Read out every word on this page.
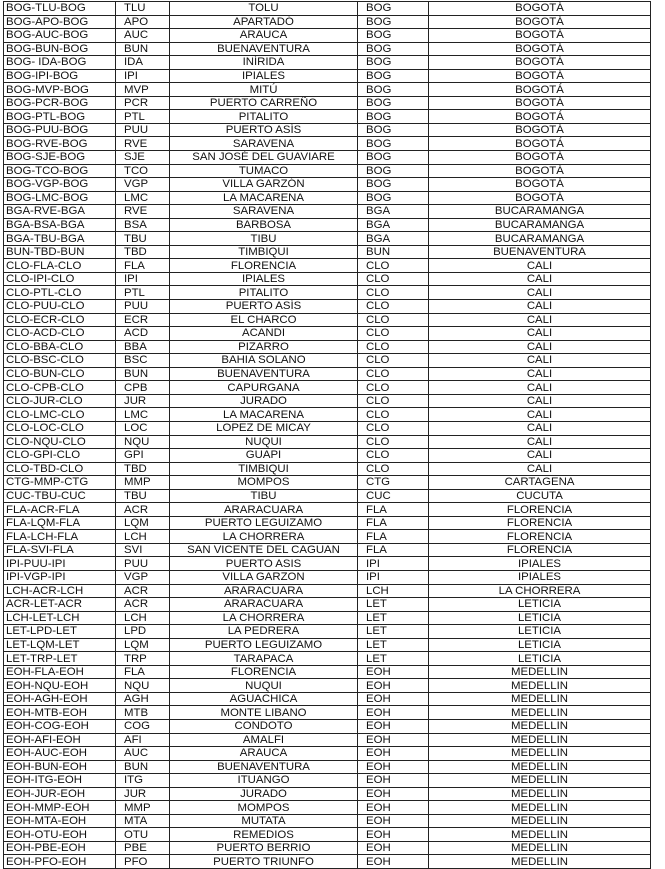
BOG-TLU-BOG	TLU	TOLU	BOG	BOGOTÁ
BOG-APO-BOG	APO	APARTADÓ	BOG	BOGOTÁ
BOG-AUC-BOG	AUC	ARAUCA	BOG	BOGOTÁ
BOG-BUN-BOG	BUN	BUENAVENTURA	BOG	BOGOTÁ
BOG- IDA-BOG	IDA	INÍRIDA	BOG	BOGOTÁ
BOG-IPI-BOG	IPI	IPIALES	BOG	BOGOTÁ
BOG-MVP-BOG	MVP	MITÚ	BOG	BOGOTÁ
BOG-PCR-BOG	PCR	PUERTO CARREÑO	BOG	BOGOTÁ
BOG-PTL-BOG	PTL	PITALITO	BOG	BOGOTÁ
BOG-PUU-BOG	PUU	PUERTO ASÍS	BOG	BOGOTÁ
BOG-RVE-BOG	RVE	SARAVENA	BOG	BOGOTÁ
BOG-SJE-BOG	SJE	SAN JOSÉ DEL GUAVIARE	BOG	BOGOTÁ
BOG-TCO-BOG	TCO	TUMACO	BOG	BOGOTÁ
BOG-VGP-BOG	VGP	VILLA GARZÓN	BOG	BOGOTÁ
BOG-LMC-BOG	LMC	LA MACARENA	BOG	BOGOTÁ
BGA-RVE-BGA	RVE	SARAVENA	BGA	BUCARAMANGA
BGA-BSA-BGA	BSA	BARBOSA	BGA	BUCARAMANGA
BGA-TBU-BGA	TBU	TIBU	BGA	BUCARAMANGA
BUN-TBD-BUN	TBD	TIMBIQUI	BUN	BUENAVENTURA
CLO-FLA-CLO	FLA	FLORENCIA	CLO	CALI
CLO-IPI-CLO	IPI	IPIALES	CLO	CALI
CLO-PTL-CLO	PTL	PITALITO	CLO	CALI
CLO-PUU-CLO	PUU	PUERTO ASÍS	CLO	CALI
CLO-ECR-CLO	ECR	EL CHARCO	CLO	CALI
CLO-ACD-CLO	ACD	ACANDI	CLO	CALI
CLO-BBA-CLO	BBA	PIZARRO	CLO	CALI
CLO-BSC-CLO	BSC	BAHIA SOLANO	CLO	CALI
CLO-BUN-CLO	BUN	BUENAVENTURA	CLO	CALI
CLO-CPB-CLO	CPB	CAPURGANA	CLO	CALI
CLO-JUR-CLO	JUR	JURADO	CLO	CALI
CLO-LMC-CLO	LMC	LA MACARENA	CLO	CALI
CLO-LOC-CLO	LOC	LOPEZ DE MICAY	CLO	CALI
CLO-NQU-CLO	NQU	NUQUI	CLO	CALI
CLO-GPI-CLO	GPI	GUAPI	CLO	CALI
CLO-TBD-CLO	TBD	TIMBIQUI	CLO	CALI
CTG-MMP-CTG	MMP	MOMPOS	CTG	CARTAGENA
CUC-TBU-CUC	TBU	TIBU	CUC	CUCUTA
FLA-ACR-FLA	ACR	ARARACUARA	FLA	FLORENCIA
FLA-LQM-FLA	LQM	PUERTO LEGUIZAMO	FLA	FLORENCIA
FLA-LCH-FLA	LCH	LA CHORRERA	FLA	FLORENCIA
FLA-SVI-FLA	SVI	SAN VICENTE DEL CAGUAN	FLA	FLORENCIA
IPI-PUU-IPI	PUU	PUERTO ASIS	IPI	IPIALES
IPI-VGP-IPI	VGP	VILLA GARZON	IPI	IPIALES
LCH-ACR-LCH	ACR	ARARACUARA	LCH	LA CHORRERA
ACR-LET-ACR	ACR	ARARACUARA	LET	LETICIA
LCH-LET-LCH	LCH	LA CHORRERA	LET	LETICIA
LET-LPD-LET	LPD	LA PEDRERA	LET	LETICIA
LET-LQM-LET	LQM	PUERTO LEGUIZAMO	LET	LETICIA
LET-TRP-LET	TRP	TARAPACA	LET	LETICIA
EOH-FLA-EOH	FLA	FLORENCIA	EOH	MEDELLIN
EOH-NQU-EOH	NQU	NUQUI	EOH	MEDELLIN
EOH-AGH-EOH	AGH	AGUACHICA	EOH	MEDELLIN
EOH-MTB-EOH	MTB	MONTE LIBANO	EOH	MEDELLIN
EOH-COG-EOH	COG	CONDOTO	EOH	MEDELLIN
EOH-AFI-EOH	AFI	AMALFI	EOH	MEDELLIN
EOH-AUC-EOH	AUC	ARAUCA	EOH	MEDELLIN
EOH-BUN-EOH	BUN	BUENAVENTURA	EOH	MEDELLIN
EOH-ITG-EOH	ITG	ITUANGO	EOH	MEDELLIN
EOH-JUR-EOH	JUR	JURADO	EOH	MEDELLIN
EOH-MMP-EOH	MMP	MOMPOS	EOH	MEDELLIN
EOH-MTA-EOH	MTA	MUTATA	EOH	MEDELLIN
EOH-OTU-EOH	OTU	REMEDIOS	EOH	MEDELLIN
EOH-PBE-EOH	PBE	PUERTO BERRIO	EOH	MEDELLIN
EOH-PFO-EOH	PFO	PUERTO TRIUNFO	EOH	MEDELLIN
